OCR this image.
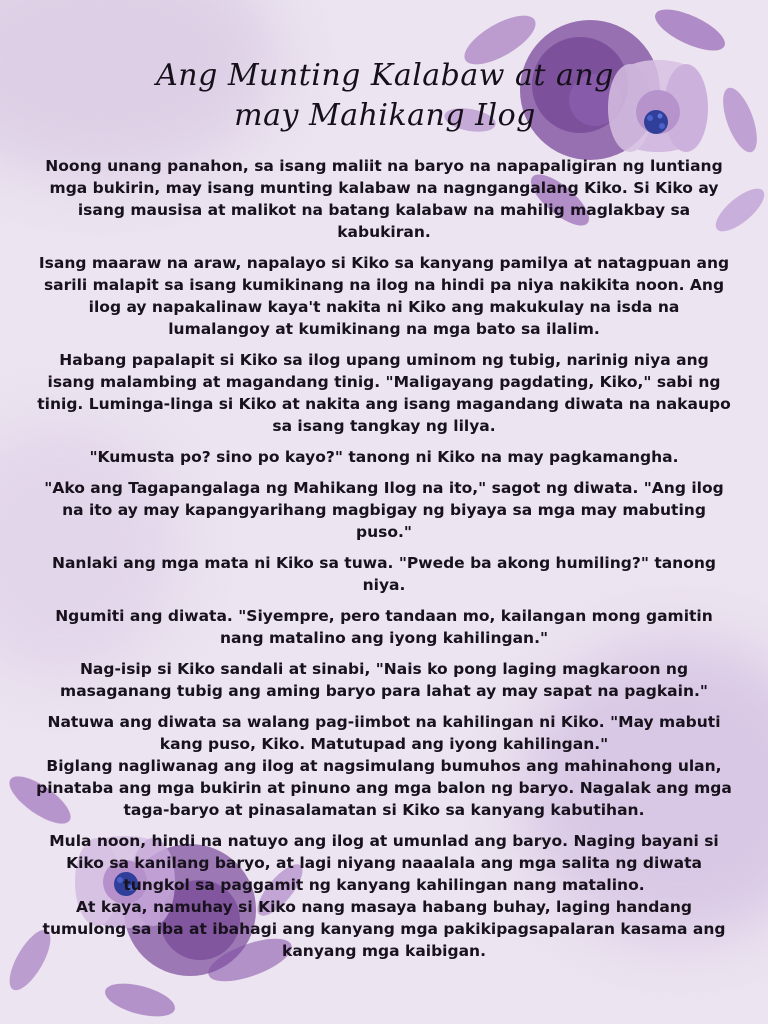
Ang Munting Kalabaw at ang
may Mahikang Ilog

Noong unang panahon, sa isang maliit na baryo na napapaligiran ng luntiang mga bukirin, may isang munting kalabaw na nagngangalang Kiko. Si Kiko ay isang mausisa at malikot na batang kalabaw na mahilig maglakbay sa kabukiran.

Isang maaraw na araw, napalayo si Kiko sa kanyang pamilya at natagpuan ang sarili malapit sa isang kumikinang na ilog na hindi pa niya nakikita noon. Ang ilog ay napakalinaw kaya't nakita ni Kiko ang makukulay na isda na lumalangoy at kumikinang na mga bato sa ilalim.

Habang papalapit si Kiko sa ilog upang uminom ng tubig, narinig niya ang isang malambing at magandang tinig. "Maligayang pagdating, Kiko," sabi ng tinig. Luminga-linga si Kiko at nakita ang isang magandang diwata na nakaupo sa isang tangkay ng lilya.

"Kumusta po? sino po kayo?" tanong ni Kiko na may pagkamangha.

"Ako ang Tagapangalaga ng Mahikang Ilog na ito," sagot ng diwata. "Ang ilog na ito ay may kapangyarihang magbigay ng biyaya sa mga may mabuting puso."

Nanlaki ang mga mata ni Kiko sa tuwa. "Pwede ba akong humiling?" tanong niya.

Ngumiti ang diwata. "Siyempre, pero tandaan mo, kailangan mong gamitin nang matalino ang iyong kahilingan."

Nag-isip si Kiko sandali at sinabi, "Nais ko pong laging magkaroon ng masaganang tubig ang aming baryo para lahat ay may sapat na pagkain."

Natuwa ang diwata sa walang pag-iimbot na kahilingan ni Kiko. "May mabuti kang puso, Kiko. Matutupad ang iyong kahilingan."

Biglang nagliwanag ang ilog at nagsimulang bumuhos ang mahinahong ulan, pinataba ang mga bukirin at pinuno ang mga balon ng baryo. Nagalak ang mga taga-baryo at pinasalamatan si Kiko sa kanyang kabutihan.

Mula noon, hindi na natuyo ang ilog at umunlad ang baryo. Naging bayani si Kiko sa kanilang baryo, at lagi niyang naaalala ang mga salita ng diwata tungkol sa paggamit ng kanyang kahilingan nang matalino.

At kaya, namuhay si Kiko nang masaya habang buhay, laging handang tumulong sa iba at ibahagi ang kanyang mga pakikipagsapalaran kasama ang kanyang mga kaibigan.
